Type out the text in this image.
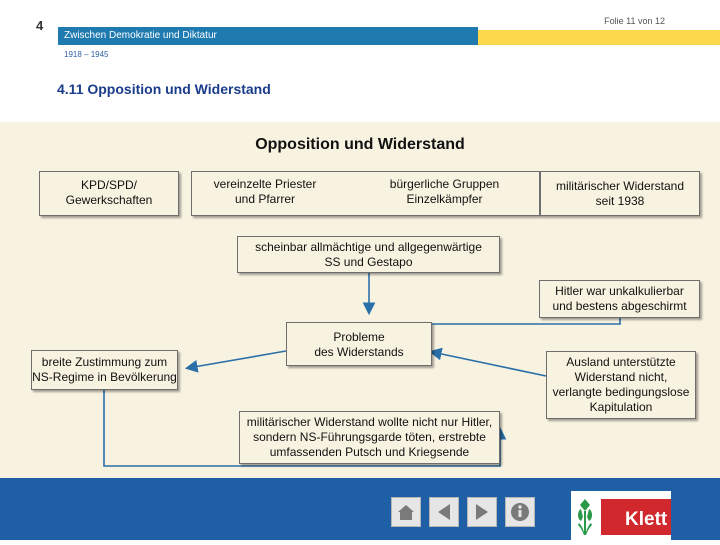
4	Folie 11 von 12
Zwischen Demokratie und Diktatur
1918 – 1945
4.11 Opposition und Widerstand
Opposition und Widerstand
KPD/SPD/
Gewerkschaften
vereinzelte Priester
und Pfarrer
bürgerliche Gruppen
Einzelkämpfer
militärischer Widerstand
seit 1938
scheinbar allmächtige und allgegenwärtige
SS und Gestapo
Hitler war unkalkulierbar
und bestens abgeschirmt
Probleme
des Widerstands
breite Zustimmung zum
NS-Regime in Bevölkerung
Ausland unterstützte
Widerstand nicht,
verlangte bedingungslose
Kapitulation
militärischer Widerstand wollte nicht nur Hitler,
sondern NS-Führungsgarde töten, erstrebte
umfassenden Putsch und Kriegsende
Klett
